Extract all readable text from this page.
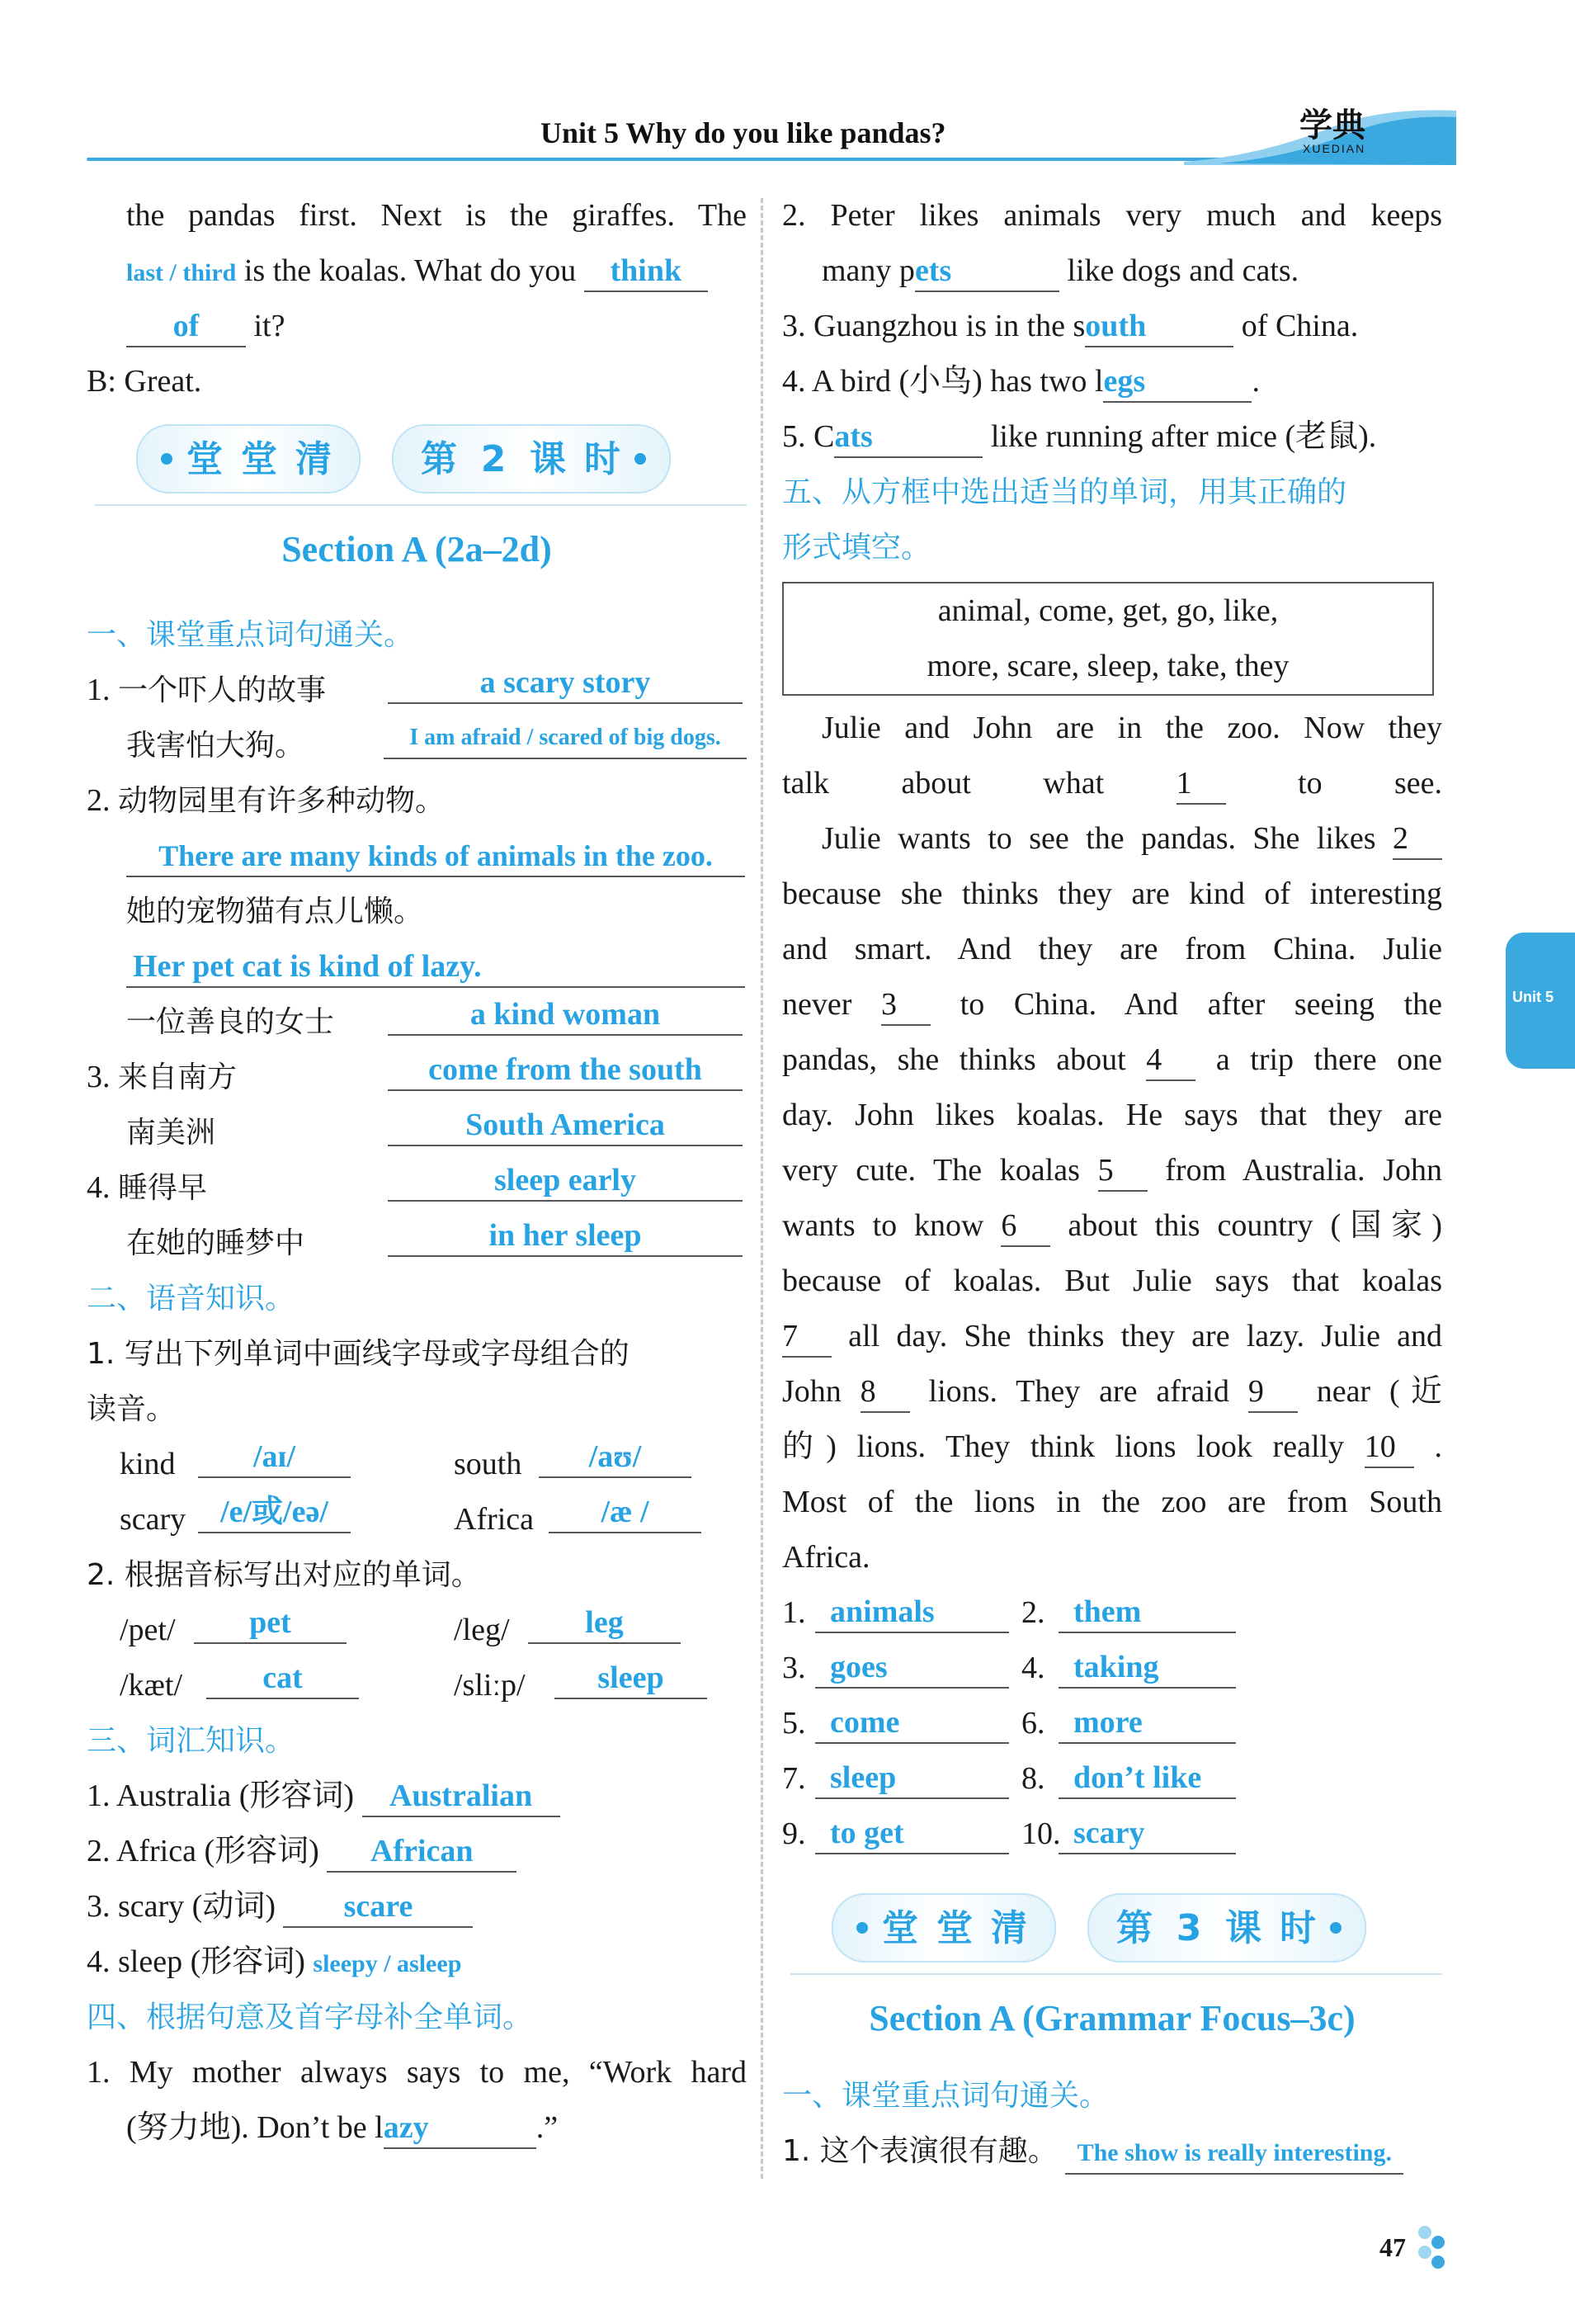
Unit 5 Why do you like pandas?	学典
XUEDIAN
the pandas first. Next is the giraffes. The
last / third is the koalas. What do you think
of it?
B: Great.
堂 堂 清 第 2 课 时
Section A (2a–2d)
一、课堂重点词句通关。
1. 一个吓人的故事	a scary story
我害怕大狗。	I am afraid / scared of big dogs.
2. 动物园里有许多种动物。
There are many kinds of animals in the zoo.
她的宠物猫有点儿懒。
Her pet cat is kind of lazy.
一位善良的女士	a kind woman
3. 来自南方	come from the south
南美洲	South America
4. 睡得早	sleep early
在她的睡梦中	in her sleep
二、语音知识。
1. 写出下列单词中画线字母或字母组合的
读音。
kind	/aɪ/	south	/aʊ/
scary	/e/或/eə/	Africa	/æ /
2. 根据音标写出对应的单词。
/pet/	pet	/leg/	leg
/kæt/	cat	/sliːp/	sleep
三、词汇知识。
1. Australia (形容词) Australian
2. Africa (形容词) African
3. scary (动词) scare
4. sleep (形容词) sleepy / asleep
四、根据句意及首字母补全单词。
1. My mother always says to me, “Work hard
(努力地). Don’t be lazy	.”
2. Peter likes animals very much and keeps
many pets	like dogs and cats.
3. Guangzhou is in the south	of China.
4. A bird (小鸟) has two legs	.
5. Cats	like running after mice (老鼠).
五、从方框中选出适当的单词，用其正确的
形式填空。
animal, come, get, go, like,
more, scare, sleep, take, they
Julie and John are in the zoo. Now they
talk about what 1	to see.
Julie wants to see the pandas. She likes 2
because she thinks they are kind of interesting
and smart. And they are from China. Julie
never 3 to China. And after seeing the
pandas, she thinks about 4 a trip there one
day. John likes koalas. He says that they are
very cute. The koalas 5 from Australia. John
wants to know 6 about this country (国家)
because of koalas. But Julie says that koalas
7 all day. She thinks they are lazy. Julie and
John 8 lions. They are afraid 9 near (近
的) lions. They think lions look really 10 .
Most of the lions in the zoo are from South
Africa.
1. animals	2. them
3. goes	4. taking
5. come	6. more
7. sleep	8. don’t like
9. to get	10. scary
堂 堂 清 第 3 课 时
Section A (Grammar Focus–3c)
一、课堂重点词句通关。
1. 这个表演很有趣。 The show is really interesting.
Unit 5
47
